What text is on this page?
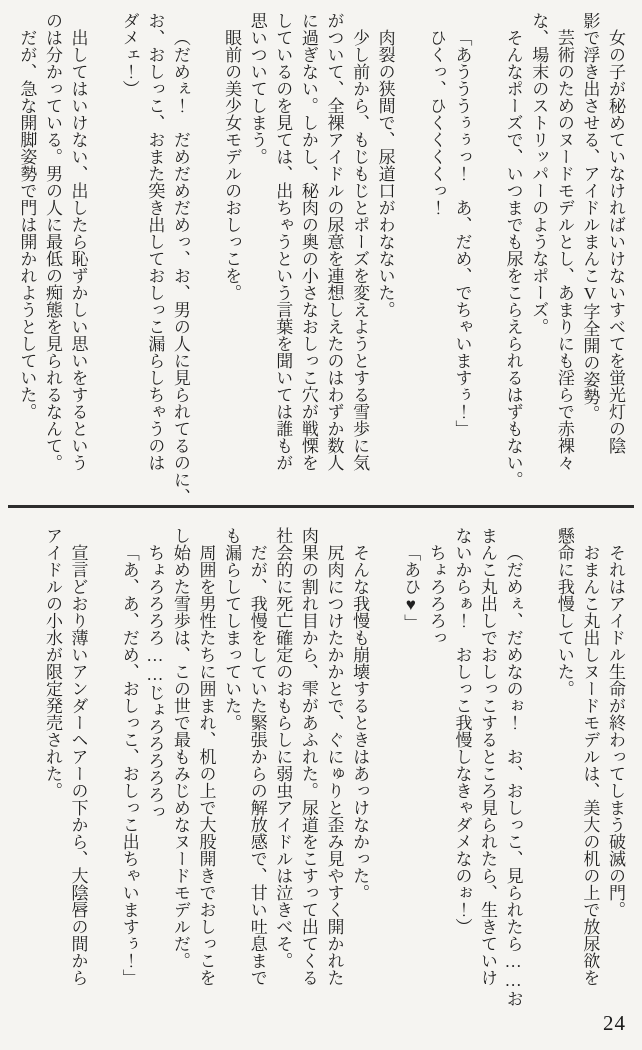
女の子が秘めていなければいけないすべてを蛍光灯の陰

影で浮き出させる、アイドルまんこV字全開の姿勢。

芸術のためのヌードモデルとし、あまりにも淫らで赤裸々

な、場末のストリッパーのようなポーズ。

そんなポーズで、いつまでも尿をこらえられるはずもない。

「あうううぅぅっ！　あ、だめ、でちゃいますぅ！」

ひくっ、ひくくくくっ！

肉裂の狭間で、尿道口がわなないた。

少し前から、もじもじとポーズを変えようとする雪歩に気

がついて、全裸アイドルの尿意を連想しえたのはわずか数人

に過ぎない。しかし、秘肉の奥の小さなおしっこ穴が戦慄を

しているのを見ては、出ちゃうという言葉を聞いては誰もが

思いついてしまう。

眼前の美少女モデルのおしっこを。

（だめぇ！　だめだめだめっ、お、男の人に見られてるのに、

お、おしっこ、おまた突き出しておしっこ漏らしちゃうのは

ダメェ！）

出してはいけない、出したら恥ずかしい思いをするという

のは分かっている。男の人に最低の痴態を見られるなんて。

だが、急な開脚姿勢で門は開かれようとしていた。

それはアイドル生命が終わってしまう破滅の門。

おまんこ丸出しヌードモデルは、美大の机の上で放尿欲を

懸命に我慢していた。

（だめぇ、だめなのぉ！　お、おしっこ、見られたら……お

まんこ丸出しでおしっこするところ見られたら、生きていけ

ないからぁ！　おしっこ我慢しなきゃダメなのぉ！）

ちょろろろっ

「あひ♥」

そんな我慢も崩壊するときはあっけなかった。

尻肉につけたかかとで、ぐにゅりと歪み見やすく開かれた

肉果の割れ目から、雫があふれた。尿道をこすって出てくる

社会的に死亡確定のおもらしに弱虫アイドルは泣きべそ。

だが、我慢をしていた緊張からの解放感で、甘い吐息まで

も漏らしてしまっていた。

周囲を男性たちに囲まれ、机の上で大股開きでおしっこを

し始めた雪歩は、この世で最もみじめなヌードモデルだ。

ちょろろろろ……じょろろろろろっ

「あ、あ、だめ、おしっこ、おしっこ出ちゃいますぅ！」

宣言どおり薄いアンダーヘアーの下から、大陰唇の間から

アイドルの小水が限定発売された。

24
